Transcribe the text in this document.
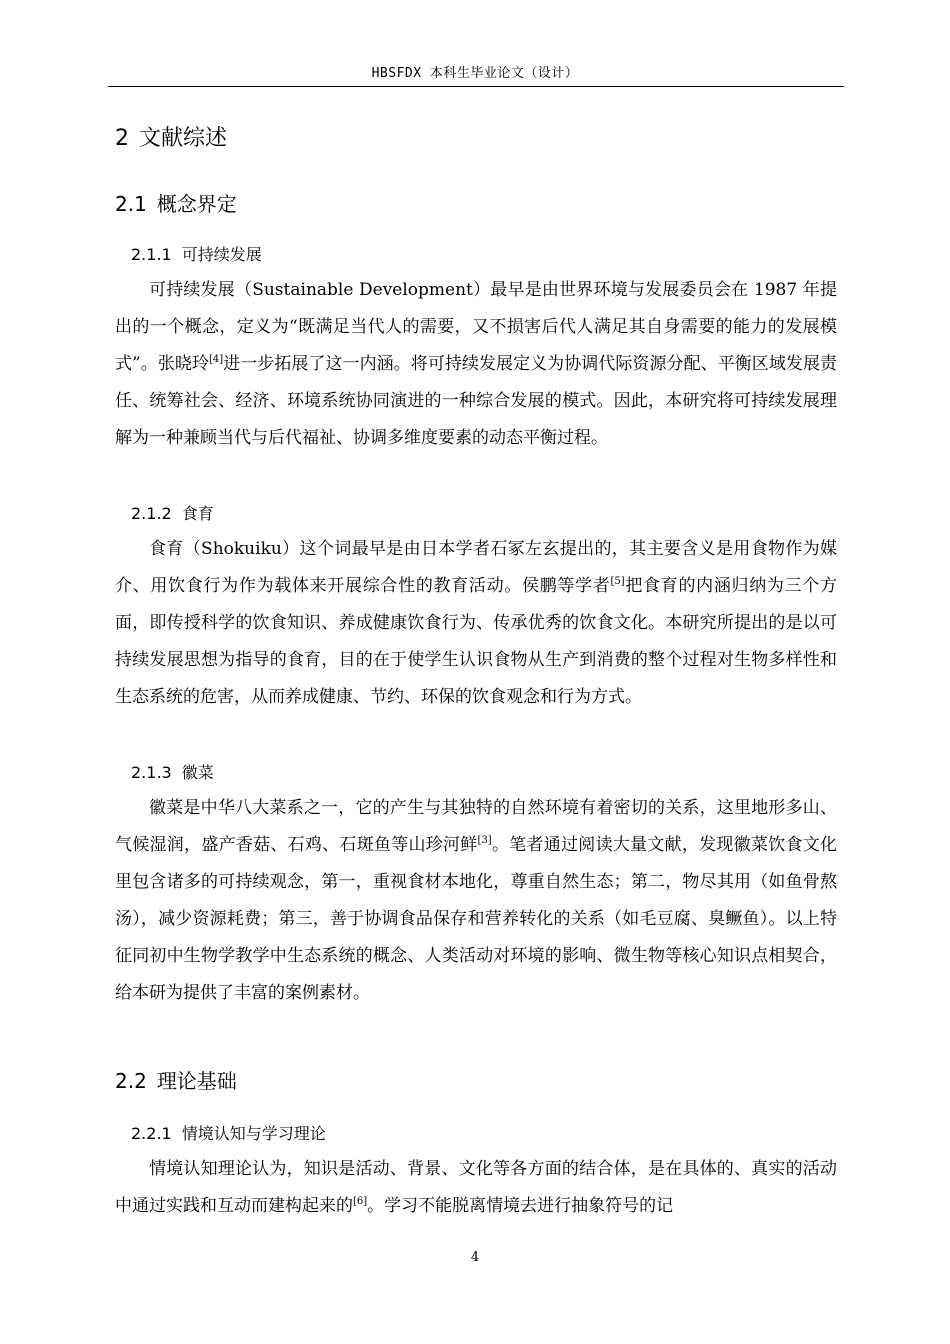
HBSFDX 本科生毕业论文（设计）
2 文献综述
2.1 概念界定
2.1.1 可持续发展

可持续发展（Sustainable Development）最早是由世界环境与发展委员会在 1987 年提出的一个概念，定义为“既满足当代人的需要，又不损害后代人满足其自身需要的能力的发展模式”。张晓玲[4]进一步拓展了这一内涵。将可持续发展定义为协调代际资源分配、平衡区域发展责任、统筹社会、经济、环境系统协同演进的一种综合发展的模式。因此，本研究将可持续发展理解为一种兼顾当代与后代福祉、协调多维度要素的动态平衡过程。

2.1.2 食育

食育（Shokuiku）这个词最早是由日本学者石冢左玄提出的，其主要含义是用食物作为媒介、用饮食行为作为载体来开展综合性的教育活动。侯鹏等学者[5]把食育的内涵归纳为三个方面，即传授科学的饮食知识、养成健康饮食行为、传承优秀的饮食文化。本研究所提出的是以可持续发展思想为指导的食育，目的在于使学生认识食物从生产到消费的整个过程对生物多样性和生态系统的危害，从而养成健康、节约、环保的饮食观念和行为方式。

2.1.3 徽菜

徽菜是中华八大菜系之一，它的产生与其独特的自然环境有着密切的关系，这里地形多山、气候湿润，盛产香菇、石鸡、石斑鱼等山珍河鲜[3]。笔者通过阅读大量文献，发现徽菜饮食文化里包含诸多的可持续观念，第一，重视食材本地化，尊重自然生态；第二，物尽其用（如鱼骨熬汤），减少资源耗费；第三，善于协调食品保存和营养转化的关系（如毛豆腐、臭鳜鱼）。以上特征同初中生物学教学中生态系统的概念、人类活动对环境的影响、微生物等核心知识点相契合，给本研为提供了丰富的案例素材。

2.2 理论基础
2.2.1 情境认知与学习理论

情境认知理论认为，知识是活动、背景、文化等各方面的结合体，是在具体的、真实的活动中通过实践和互动而建构起来的[6]。学习不能脱离情境去进行抽象符号的记

4
